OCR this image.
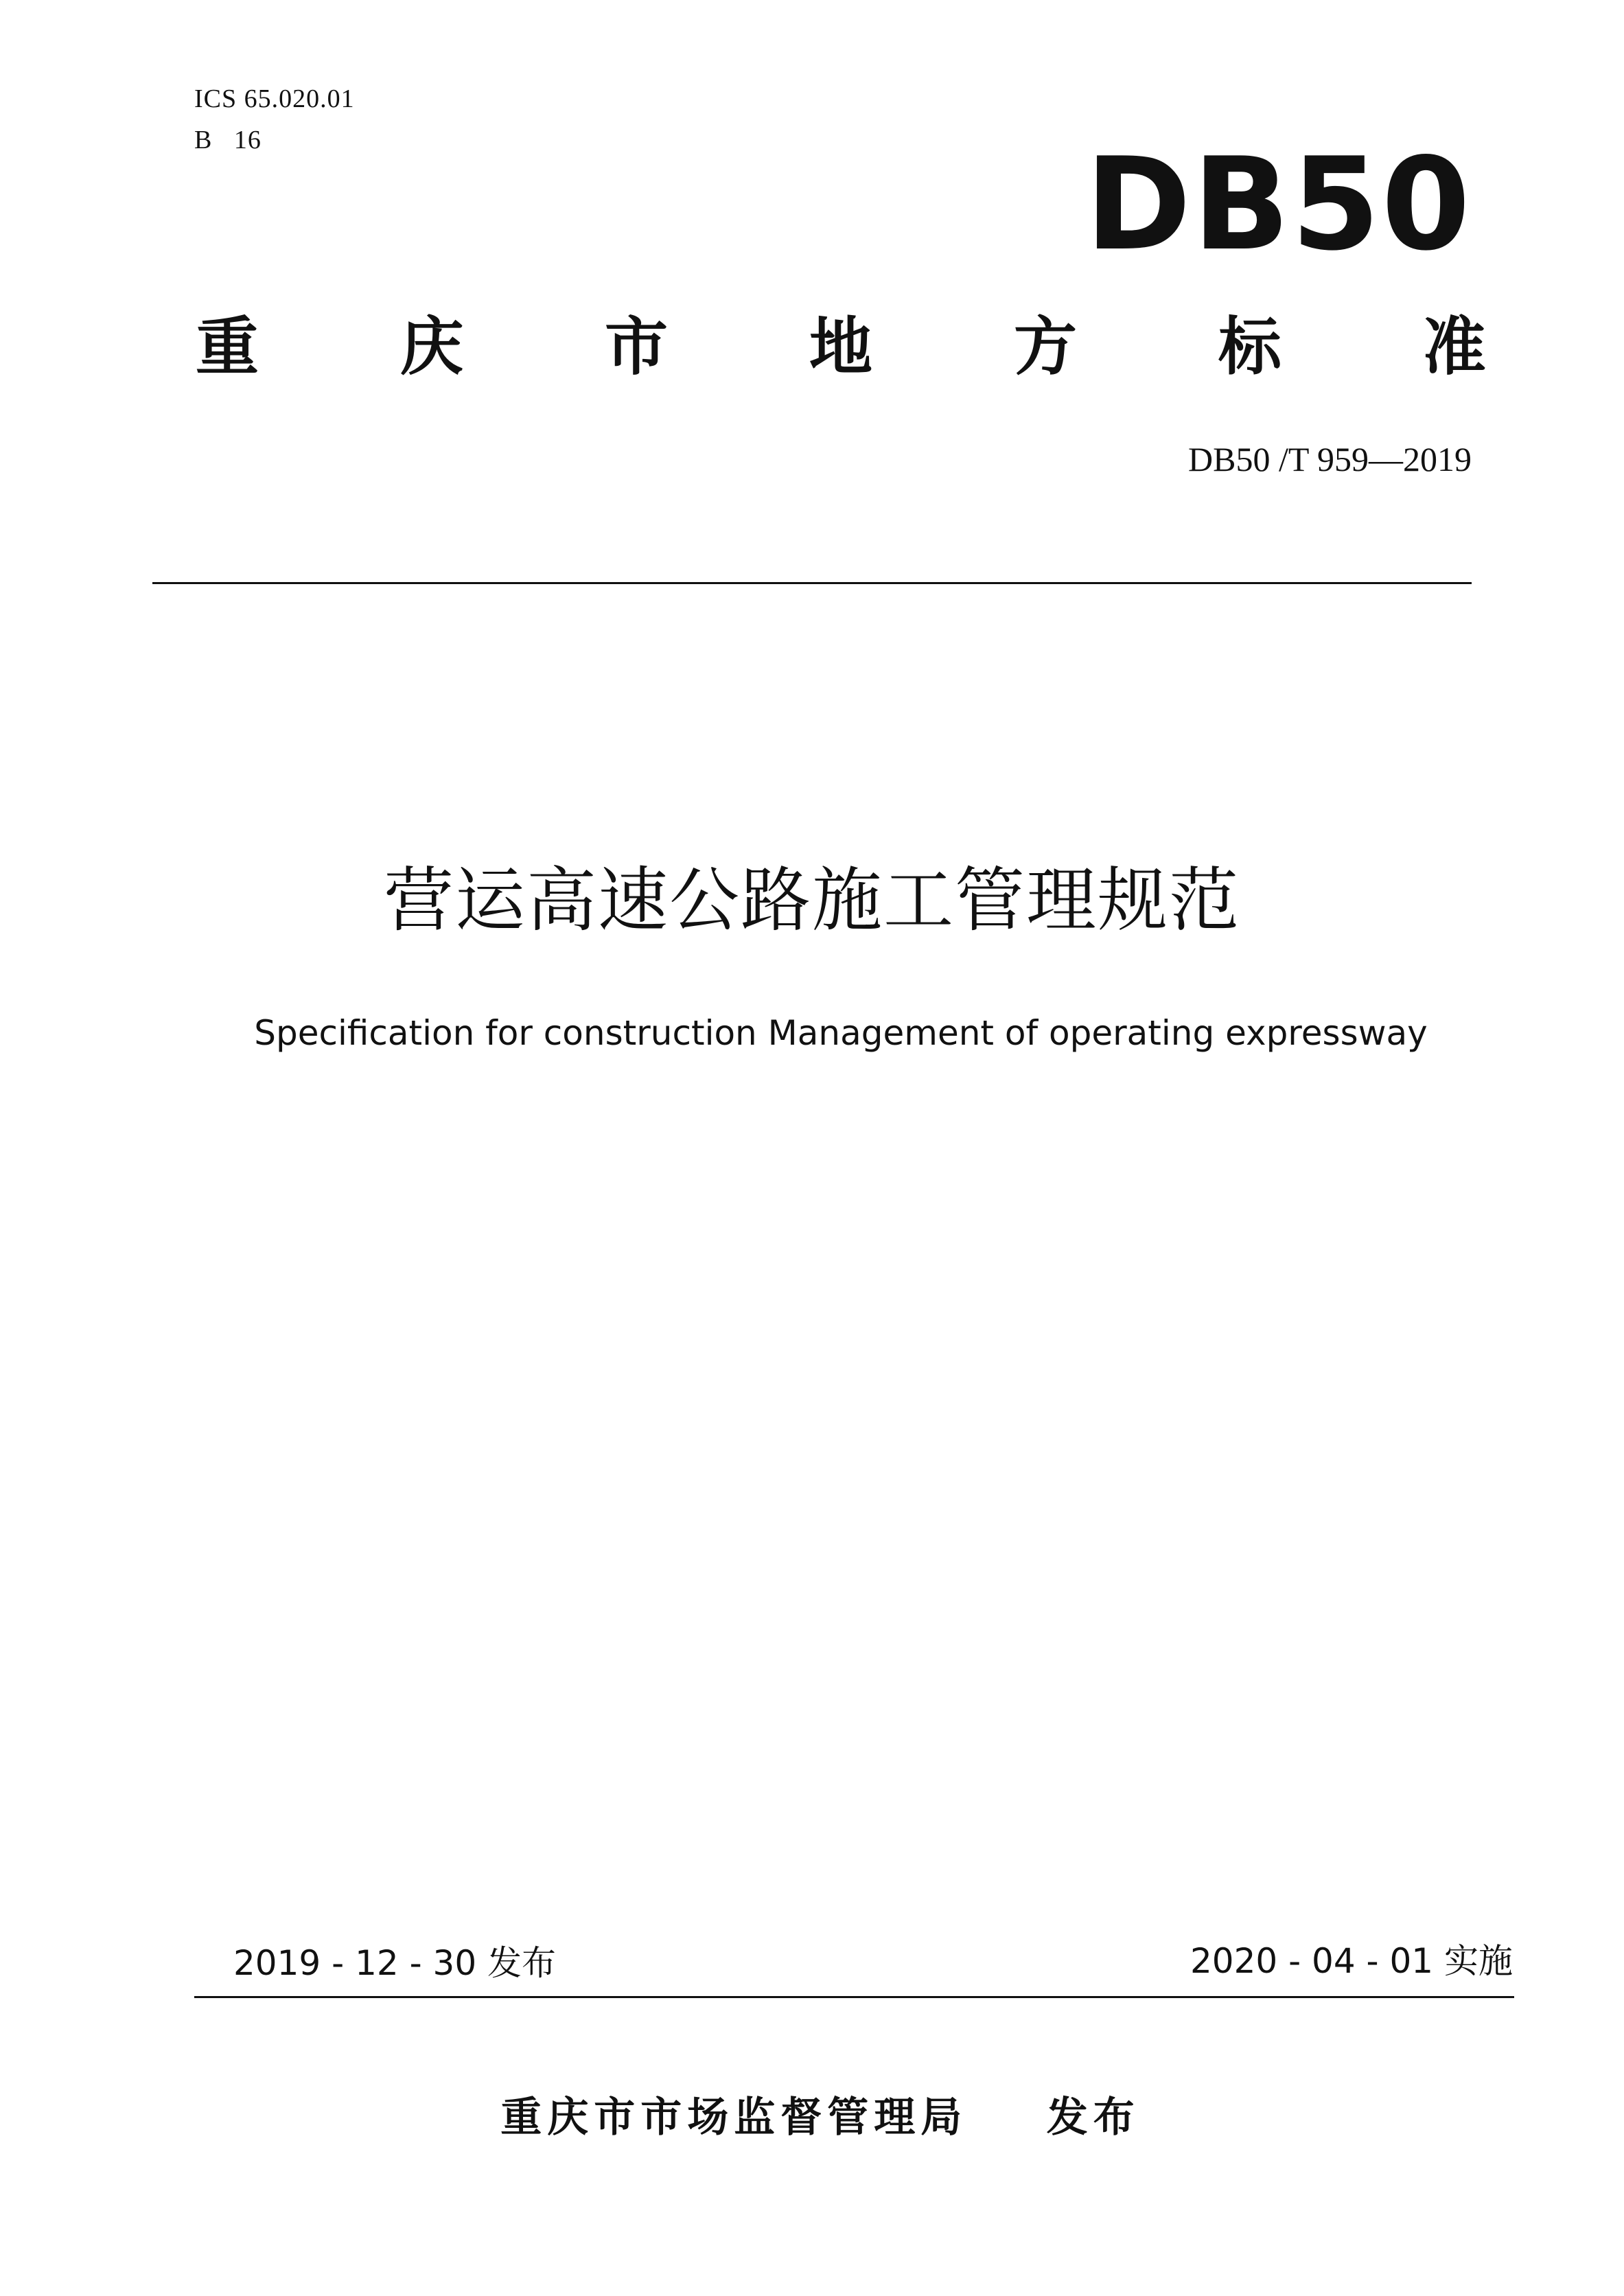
ICS 65.020.01
B   16	DB50
重 庆 市 地 方 标 准
DB50 /T 959—2019
营运高速公路施工管理规范
Specification for construction Management of operating expressway
2019 - 12 - 30 发布	2020 - 04 - 01 实施
重庆市市场监督管理局    发布
